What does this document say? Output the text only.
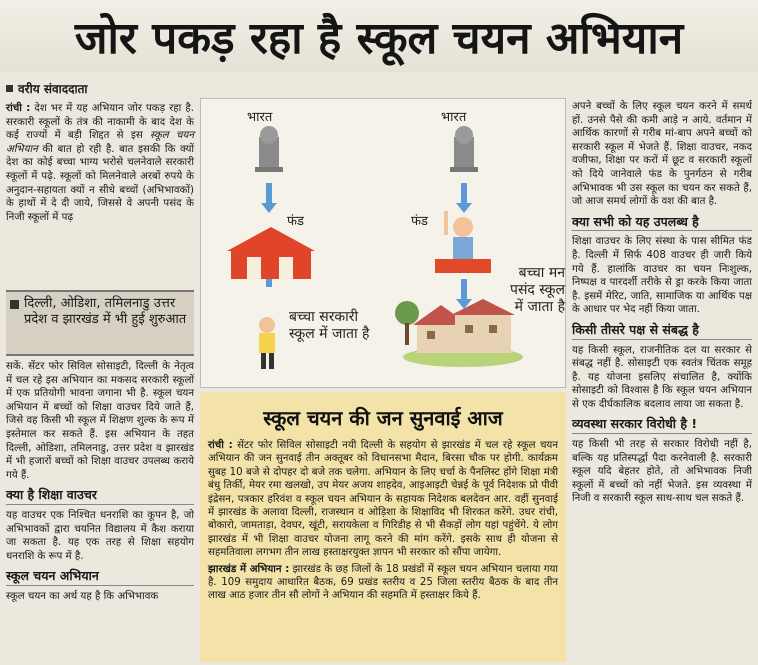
जोर पकड़ रहा है स्कूल चयन अभियान
वरीय संवाददाता

रांची : देश भर में यह अभियान जोर पकड़ रहा है. सरकारी स्कूलों के तंत्र की नाकामी के बाद देश के कई राज्यों में बड़ी शिद्दत से इस स्कूल चयन अभियान की बात हो रही है. बात इसकी कि क्यों देश का कोई बच्चा भाग्य भरोसे चलनेवाले सरकारी स्कूलों में पढ़े. स्कूलों को मिलनेवाले अरबों रुपये के अनुदान-सहायता क्यों न सीधे बच्चों (अभिभावकों) के हाथों में दे दी जाये, जिससे वे अपनी पसंद के निजी स्कूलों में पढ़

दिल्ली, ओडिशा, तमिलनाडु उत्तर प्रदेश व झारखंड में भी हुई शुरुआत

सकें. सेंटर फोर सिविल सोसाइटी, दिल्ली के नेतृत्व में चल रहे इस अभियान का मकसद सरकारी स्कूलों में एक प्रतियोगी भावना जगाना भी है. स्कूल चयन अभियान में बच्चों को शिक्षा वाउचर दिये जाते हैं, जिसे वह किसी भी स्कूल में शिक्षण शुल्क के रूप में इस्तेमाल कर सकते हैं. इस अभियान के तहत दिल्ली, ओडिशा, तमिलनाडु, उत्तर प्रदेश व झारखंड में भी हजारों बच्चों को शिक्षा वाउचर उपलब्ध कराये गये हैं.

क्या है शिक्षा वाउचर

यह वाउचर एक निश्चित धनराशि का कूपन है, जो अभिभावकों द्वारा चयनित विद्यालय में कैश कराया जा सकता है. यह एक तरह से शिक्षा सहयोग धनराशि के रूप में है.

स्कूल चयन अभियान

स्कूल चयन का अर्थ यह है कि अभिभावक

भारत	भारत
फंड	फंड
बच्चा सरकारी स्कूल में जाता है
बच्चा मन पसंद स्कूल में जाता है
स्कूल चयन की जन सुनवाई आज

रांची : सेंटर फोर सिविल सोसाइटी नयी दिल्ली के सहयोग से झारखंड में चल रहे स्कूल चयन अभियान की जन सुनवाई तीन अक्तूबर को विधानसभा मैदान, बिरसा चौक पर होगी. कार्यक्रम सुबह 10 बजे से दोपहर दो बजे तक चलेगा. अभियान के लिए चर्चा के पैनलिस्ट होंगे शिक्षा मंत्री बंधु तिर्की, मेयर रमा खलखो, उप मेयर अजय शाहदेव, आइआइटी चेन्नई के पूर्व निदेशक प्रो पीवी इंद्रेसन, पत्रकार हरिवंश व स्कूल चयन अभियान के सहायक निदेशक बलदेवन आर. वहीं सुनवाई में झारखंड के अलावा दिल्ली, राजस्थान व ओड़िशा के शिक्षाविद भी शिरकत करेंगे. उधर रांची, बोकारो, जामताड़ा, देवघर, खूंटी, सरायकेला व गिरिडीह से भी सैकड़ों लोग यहां पहुंचेंगे. ये लोग झारखंड में भी शिक्षा वाउचर योजना लागू करने की मांग करेंगे. इसके साथ ही योजना से सहमतिवाला लगभग तीन लाख हस्ताक्षरयुक्त ज्ञापन भी सरकार को सौंपा जायेगा.

झारखंड में अभियान : झारखंड के छह जिलों के 18 प्रखंडों में स्कूल चयन अभियान चलाया गया है. 109 समुदाय आधारित बैठक, 69 प्रखंड स्तरीय व 25 जिला स्तरीय बैठक के बाद तीन लाख आठ हजार तीन सौ लोगों ने अभियान की सहमति में हस्ताक्षर किये हैं.

अपने बच्चों के लिए स्कूल चयन करने में समर्थ हों. उनसे पैसे की कमी आड़े न आये. वर्तमान में आर्थिक कारणों से गरीब मां-बाप अपने बच्चों को सरकारी स्कूल में भेजते हैं. शिक्षा वाउचर, नकद वजीफा, शिक्षा पर करों में छूट व सरकारी स्कूलों को दिये जानेवाले फंड के पुनर्गठन से गरीब अभिभावक भी उस स्कूल का चयन कर सकते हैं, जो आज समर्थ लोगों के वश की बात है.

क्या सभी को यह उपलब्ध है

शिक्षा वाउचर के लिए संस्था के पास सीमित फंड है. दिल्ली में सिर्फ 408 वाउचर ही जारी किये गये हैं. हालांकि वाउचर का चयन निःशुल्क, निष्पक्ष व पारदर्शी तरीके से ड्रा करके किया जाता है. इसमें मेरिट, जाति, सामाजिक या आर्थिक पक्ष के आधार पर भेद नहीं किया जाता.

किसी तीसरे पक्ष से संबद्ध है

यह किसी स्कूल, राजनीतिक दल या सरकार से संबद्ध नहीं है. सोसाइटी एक स्वतंत्र चिंतक समूह है. यह योजना इसलिए संचालित है, क्योंकि सोसाइटी को विश्वास है कि स्कूल चयन अभियान से एक दीर्घकालिक बदलाव लाया जा सकता है.

व्यवस्था सरकार विरोधी है !

यह किसी भी तरह से सरकार विरोधी नहीं है, बल्कि यह प्रतिस्पर्द्धा पैदा करनेवाली है. सरकारी स्कूल यदि बेहतर होते, तो अभिभावक निजी स्कूलों में बच्चों को नहीं भेजते. इस व्यवस्था में निजी व सरकारी स्कूल साथ-साथ चल सकते हैं.
